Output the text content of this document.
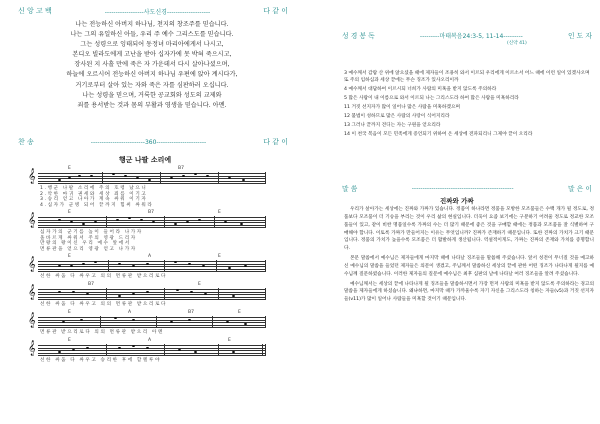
신 앙 고 백	------------------사도신경--------------------	다 같 이
나는 전능하신 아버지 하나님, 천지의 창조주를 믿습니다.
나는 그의 유일하신 아들, 우리 주 예수 그리스도를 믿습니다.
그는 성령으로 잉태되어 동정녀 마리아에게서 나시고,
본디오 빌라도에게 고난을 받아 십자가에 못 박혀 죽으시고,
장사된 지 사흘 만에 죽은 자 가운데서 다시 살아나셨으며,
하늘에 오르시어 전능하신 아버지 하나님 우편에 앉아 계시다가,
거기로부터 살아 있는 자와 죽은 자를 심판하러 오십니다.
나는 성령을 믿으며, 거룩한 공교회와 성도의 교제와
죄를 용서받는 것과 몸의 부활과 영생을 믿습니다. 아멘.
찬 송	-------------------------360-----------------------	다 같 이
행군 나팔 소리에
E	B7
𝄞
1.행군 나팔 소리에 주의 호령 났으니
2.악한 마귀 권세와 세상 죄를 이기고
3.승리 얻고 나아가 계속 싸워 이기자
4.십자가 군병 되어 끝까지 힘써 싸워라
E	B7	E
𝄞
십자가의 군기를 높이 들어라 나가자
올바르게 싸워서 주의 영광 드리자
만왕의 왕이신 우리 예수 앞에서
면류관을 얻으리 영광 얻고 나가자
E	A	E
𝄞
선한 싸움 다 싸우고 의의 면류관 받으리로다
B7	E
𝄞
선한 싸움 다 싸우고 의의 면류관 받으리로다
E	A	B7	E
𝄞
면류관 받으리로다 의의 면류관 받으리 아멘
E	A	E
𝄞
선한 싸움 다 싸우고 승리한 후에 할렐루야
성 경 봉 독	---------마태복음24:3-5, 11-14---------	인 도 자
(신약 41)

3 예수께서 감람 산 위에 앉으셨을 때에 제자들이 조용히 와서 이르되 우리에게 이르소서 어느 때에 이런 일이 있겠사오며 또 주의 임하심과 세상 끝에는 무슨 징조가 있사오리이까

4 예수께서 대답하여 이르시되 너희가 사람의 미혹을 받지 않도록 주의하라

5 많은 사람이 내 이름으로 와서 이르되 나는 그리스도라 하여 많은 사람을 미혹하리라

11 거짓 선지자가 많이 일어나 많은 사람을 미혹하겠으며

12 불법이 성하므로 많은 사람의 사랑이 식어지리라

13 그러나 끝까지 견디는 자는 구원을 얻으리라

14 이 천국 복음이 모든 민족에게 증언되기 위하여 온 세상에 전파되리니 그제야 끝이 오리라

말 씀	-----------------------------------------------	말 은 이
진짜와 가짜

우리가 살아가는 세상에는 진짜와 가짜가 있습니다. 정품이 하나라면 정품을 모방한 모조품들은 수백 개가 될 정도로, 정품보다 모조품이 더 기승을 부리는 것이 우리 삶의 현실입니다. 더욱이 요즘 보기에는 구분하기 어려울 정도로 정교한 모조품들이 있고, 같이 비싼 명품일수록 가짜의 수는 더 많기 때문에 좋은 것을 구매할 때에는 정품과 모조품을 잘 식별하여 구매해야 합니다. 이토록 가짜가 만들어지는 이유는 무엇입니까? 진짜가 존재하기 때문입니다. 또한 진짜의 가치가 크기 때문입니다. 정품의 가치가 높을수록 모조품은 더 활발하게 생산됩니다. 역설적이게도, 가짜는 진짜의 존재와 가치를 증명합니다.

본문 말씀에서 예수님은 제자들에게 마지막 때에 나타날 징조들을 말씀해 주셨습니다. 앞서 성전이 무너질 것을 예고하신 예수님의 말씀을 들었던 제자들은 의문이 생겼고, 주님께서 말씀하신 세상의 끝에 관한 어떤 징조가 나타나게 될지를 예수님께 질문하였습니다. 이러한 제자들의 질문에 예수님은 최후 심판의 날에 나타날 여러 징조들을 알려 주셨습니다.

예수님께서는 세상의 끝에 나타나게 될 징조들을 말씀하시면서 가장 먼저 사람의 미혹을 받지 않도록 주의하라는 경고의 말씀을 제자들에게 하셨습니다. 왜냐하면, 마지막 때가 가까울수록 자기 자신을 그리스도라 칭하는 자들(v5)과 거짓 선지자들(v11)가 많이 일어나 사람들을 미혹할 것이기 때문입니다.
